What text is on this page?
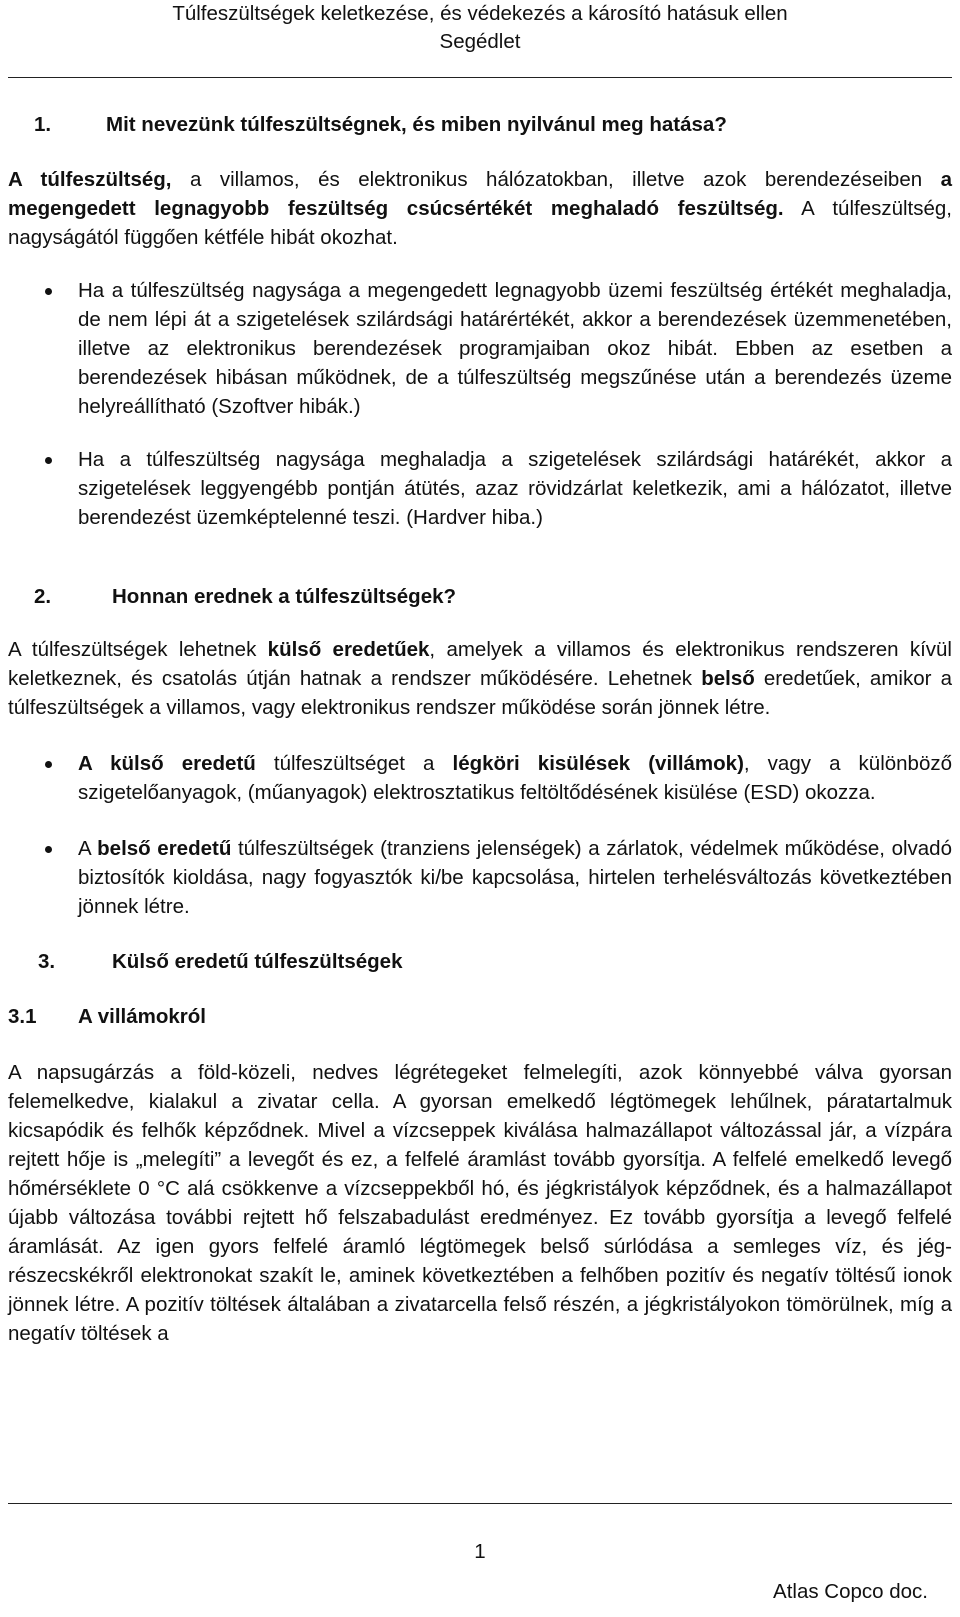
Túlfeszültségek keletkezése, és védekezés a károsító hatásuk ellen
Segédlet
1.	Mit nevezünk túlfeszültségnek, és miben nyilvánul meg hatása?

A túlfeszültség, a villamos, és elektronikus hálózatokban, illetve azok berendezéseiben a megengedett legnagyobb feszültség csúcsértékét meghaladó feszültség. A túlfeszültség, nagyságától függően kétféle hibát okozhat.

Ha a túlfeszültség nagysága a megengedett legnagyobb üzemi feszültség értékét meghaladja, de nem lépi át a szigetelések szilárdsági határértékét, akkor a berendezések üzemmenetében, illetve az elektronikus berendezések programjaiban okoz hibát. Ebben az esetben a berendezések hibásan működnek, de a túlfeszültség megszűnése után a berendezés üzeme helyreállítható (Szoftver hibák.)

Ha a túlfeszültség nagysága meghaladja a szigetelések szilárdsági határékét, akkor a szigetelések leggyengébb pontján átütés, azaz rövidzárlat keletkezik, ami a hálózatot, illetve berendezést üzemképtelenné teszi. (Hardver hiba.)

2.	Honnan erednek a túlfeszültségek?

A túlfeszültségek lehetnek külső eredetűek, amelyek a villamos és elektronikus rendszeren kívül keletkeznek, és csatolás útján hatnak a rendszer működésére. Lehetnek belső eredetűek, amikor a túlfeszültségek a villamos, vagy elektronikus rendszer működése során jönnek létre.

A külső eredetű túlfeszültséget a légköri kisülések (villámok), vagy a különböző szigetelőanyagok, (műanyagok) elektrosztatikus feltöltődésének kisülése (ESD) okozza.

A belső eredetű túlfeszültségek (tranziens jelenségek) a zárlatok, védelmek működése, olvadó biztosítók kioldása, nagy fogyasztók ki/be kapcsolása, hirtelen terhelésváltozás következtében jönnek létre.

3.	Külső eredetű túlfeszültségek
3.1	A villámokról

A napsugárzás a föld-közeli, nedves légrétegeket felmelegíti, azok könnyebbé válva gyorsan felemelkedve, kialakul a zivatar cella. A gyorsan emelkedő légtömegek lehűlnek, páratartalmuk kicsapódik és felhők képződnek. Mivel a vízcseppek kiválása halmazállapot változással jár, a vízpára rejtett hője is „melegíti” a levegőt és ez, a felfelé áramlást tovább gyorsítja. A felfelé emelkedő levegő hőmérséklete 0 °C alá csökkenve a vízcseppekből hó, és jégkristályok képződnek, és a halmazállapot újabb változása további rejtett hő felszabadulást eredményez. Ez tovább gyorsítja a levegő felfelé áramlását. Az igen gyors felfelé áramló légtömegek belső súrlódása a semleges víz, és jég-részecskékről elektronokat szakít le, aminek következtében a felhőben pozitív és negatív töltésű ionok jönnek létre. A pozitív töltések általában a zivatarcella felső részén, a jégkristályokon tömörülnek, míg a negatív töltések a

1
Atlas Copco doc.
